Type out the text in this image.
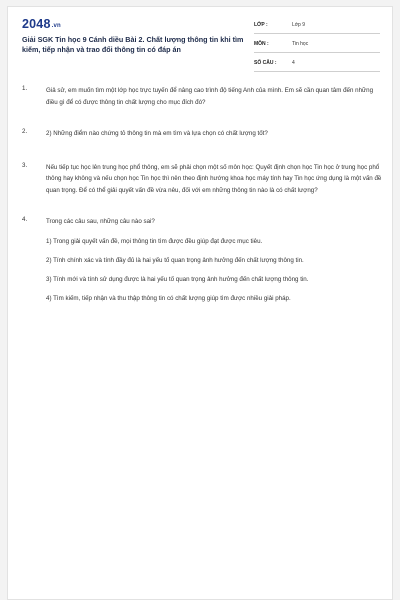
2048.vn
Giải SGK Tin học 9 Cánh diều Bài 2. Chất lượng thông tin khi tìm kiếm, tiếp nhận và trao đổi thông tin có đáp án
LỚP :	Lớp 9
MÔN :	Tin học
SỐ CÂU :	4
1.	Giả sử, em muốn tìm một lớp học trực tuyến để nâng cao trình độ tiếng Anh của mình. Em sẽ cần quan tâm đến những điều gì để có được thông tin chất lượng cho mục đích đó?
2.	2) Những điểm nào chứng tỏ thông tin mà em tìm và lựa chọn có chất lượng tốt?
3.	Nếu tiếp tục học lên trung học phổ thông, em sẽ phải chọn một số môn học: Quyết định chọn học Tin học ở trung học phổ thông hay không và nếu chọn học Tin học thì nên theo định hướng khoa học máy tính hay Tin học ứng dụng là một vấn đề quan trọng. Để có thể giải quyết vấn đề vừa nêu, đối với em những thông tin nào là có chất lượng?
4.	Trong các câu sau, những câu nào sai?
1) Trong giải quyết vấn đề, mọi thông tin tìm được đều giúp đạt được mục tiêu.
2) Tính chính xác và tính đầy đủ là hai yếu tố quan trọng ảnh hưởng đến chất lượng thông tin.
3) Tính mới và tính sử dụng được là hai yếu tố quan trọng ảnh hưởng đến chất lượng thông tin.
4) Tìm kiếm, tiếp nhận và thu thập thông tin có chất lượng giúp tìm được nhiều giải pháp.
